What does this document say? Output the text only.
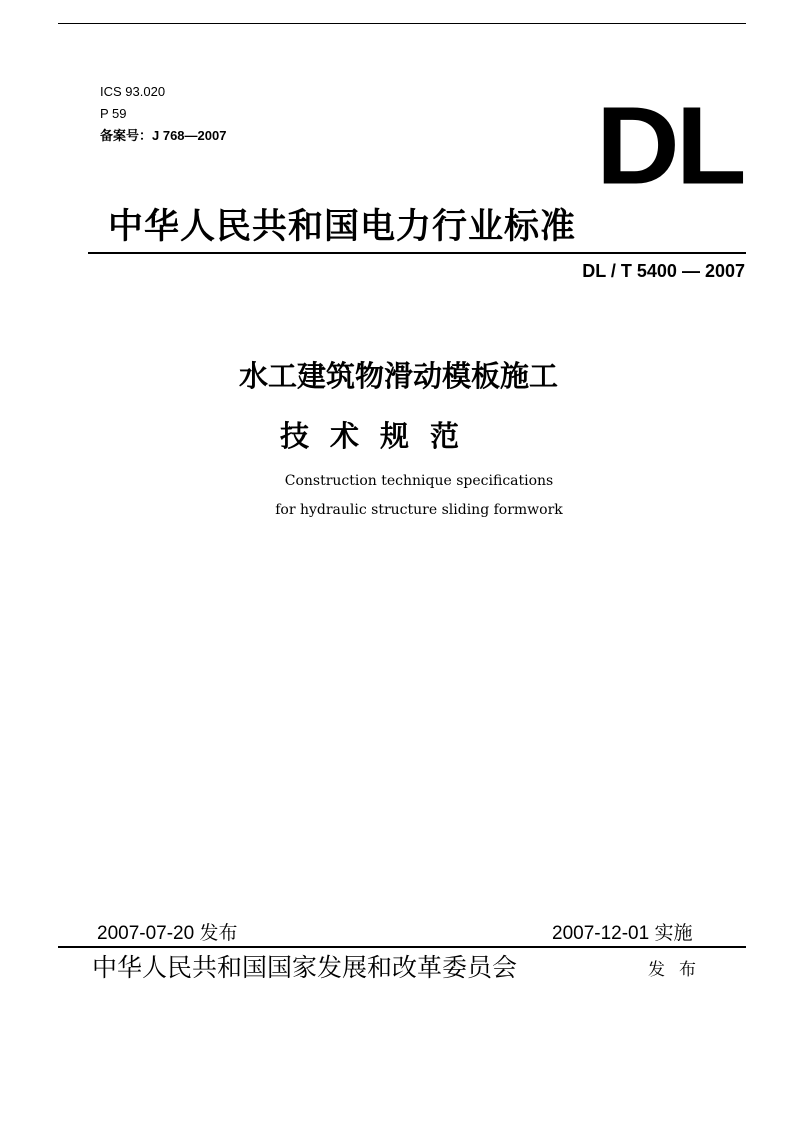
ICS 93.020
P 59
备案号：J 768—2007	DL
中华人民共和国电力行业标准
DL / T 5400 — 2007
水工建筑物滑动模板施工
技术规范
Construction technique specifications
for hydraulic structure sliding formwork
2007-07-20 发布	2007-12-01 实施
中华人民共和国国家发展和改革委员会	发布
